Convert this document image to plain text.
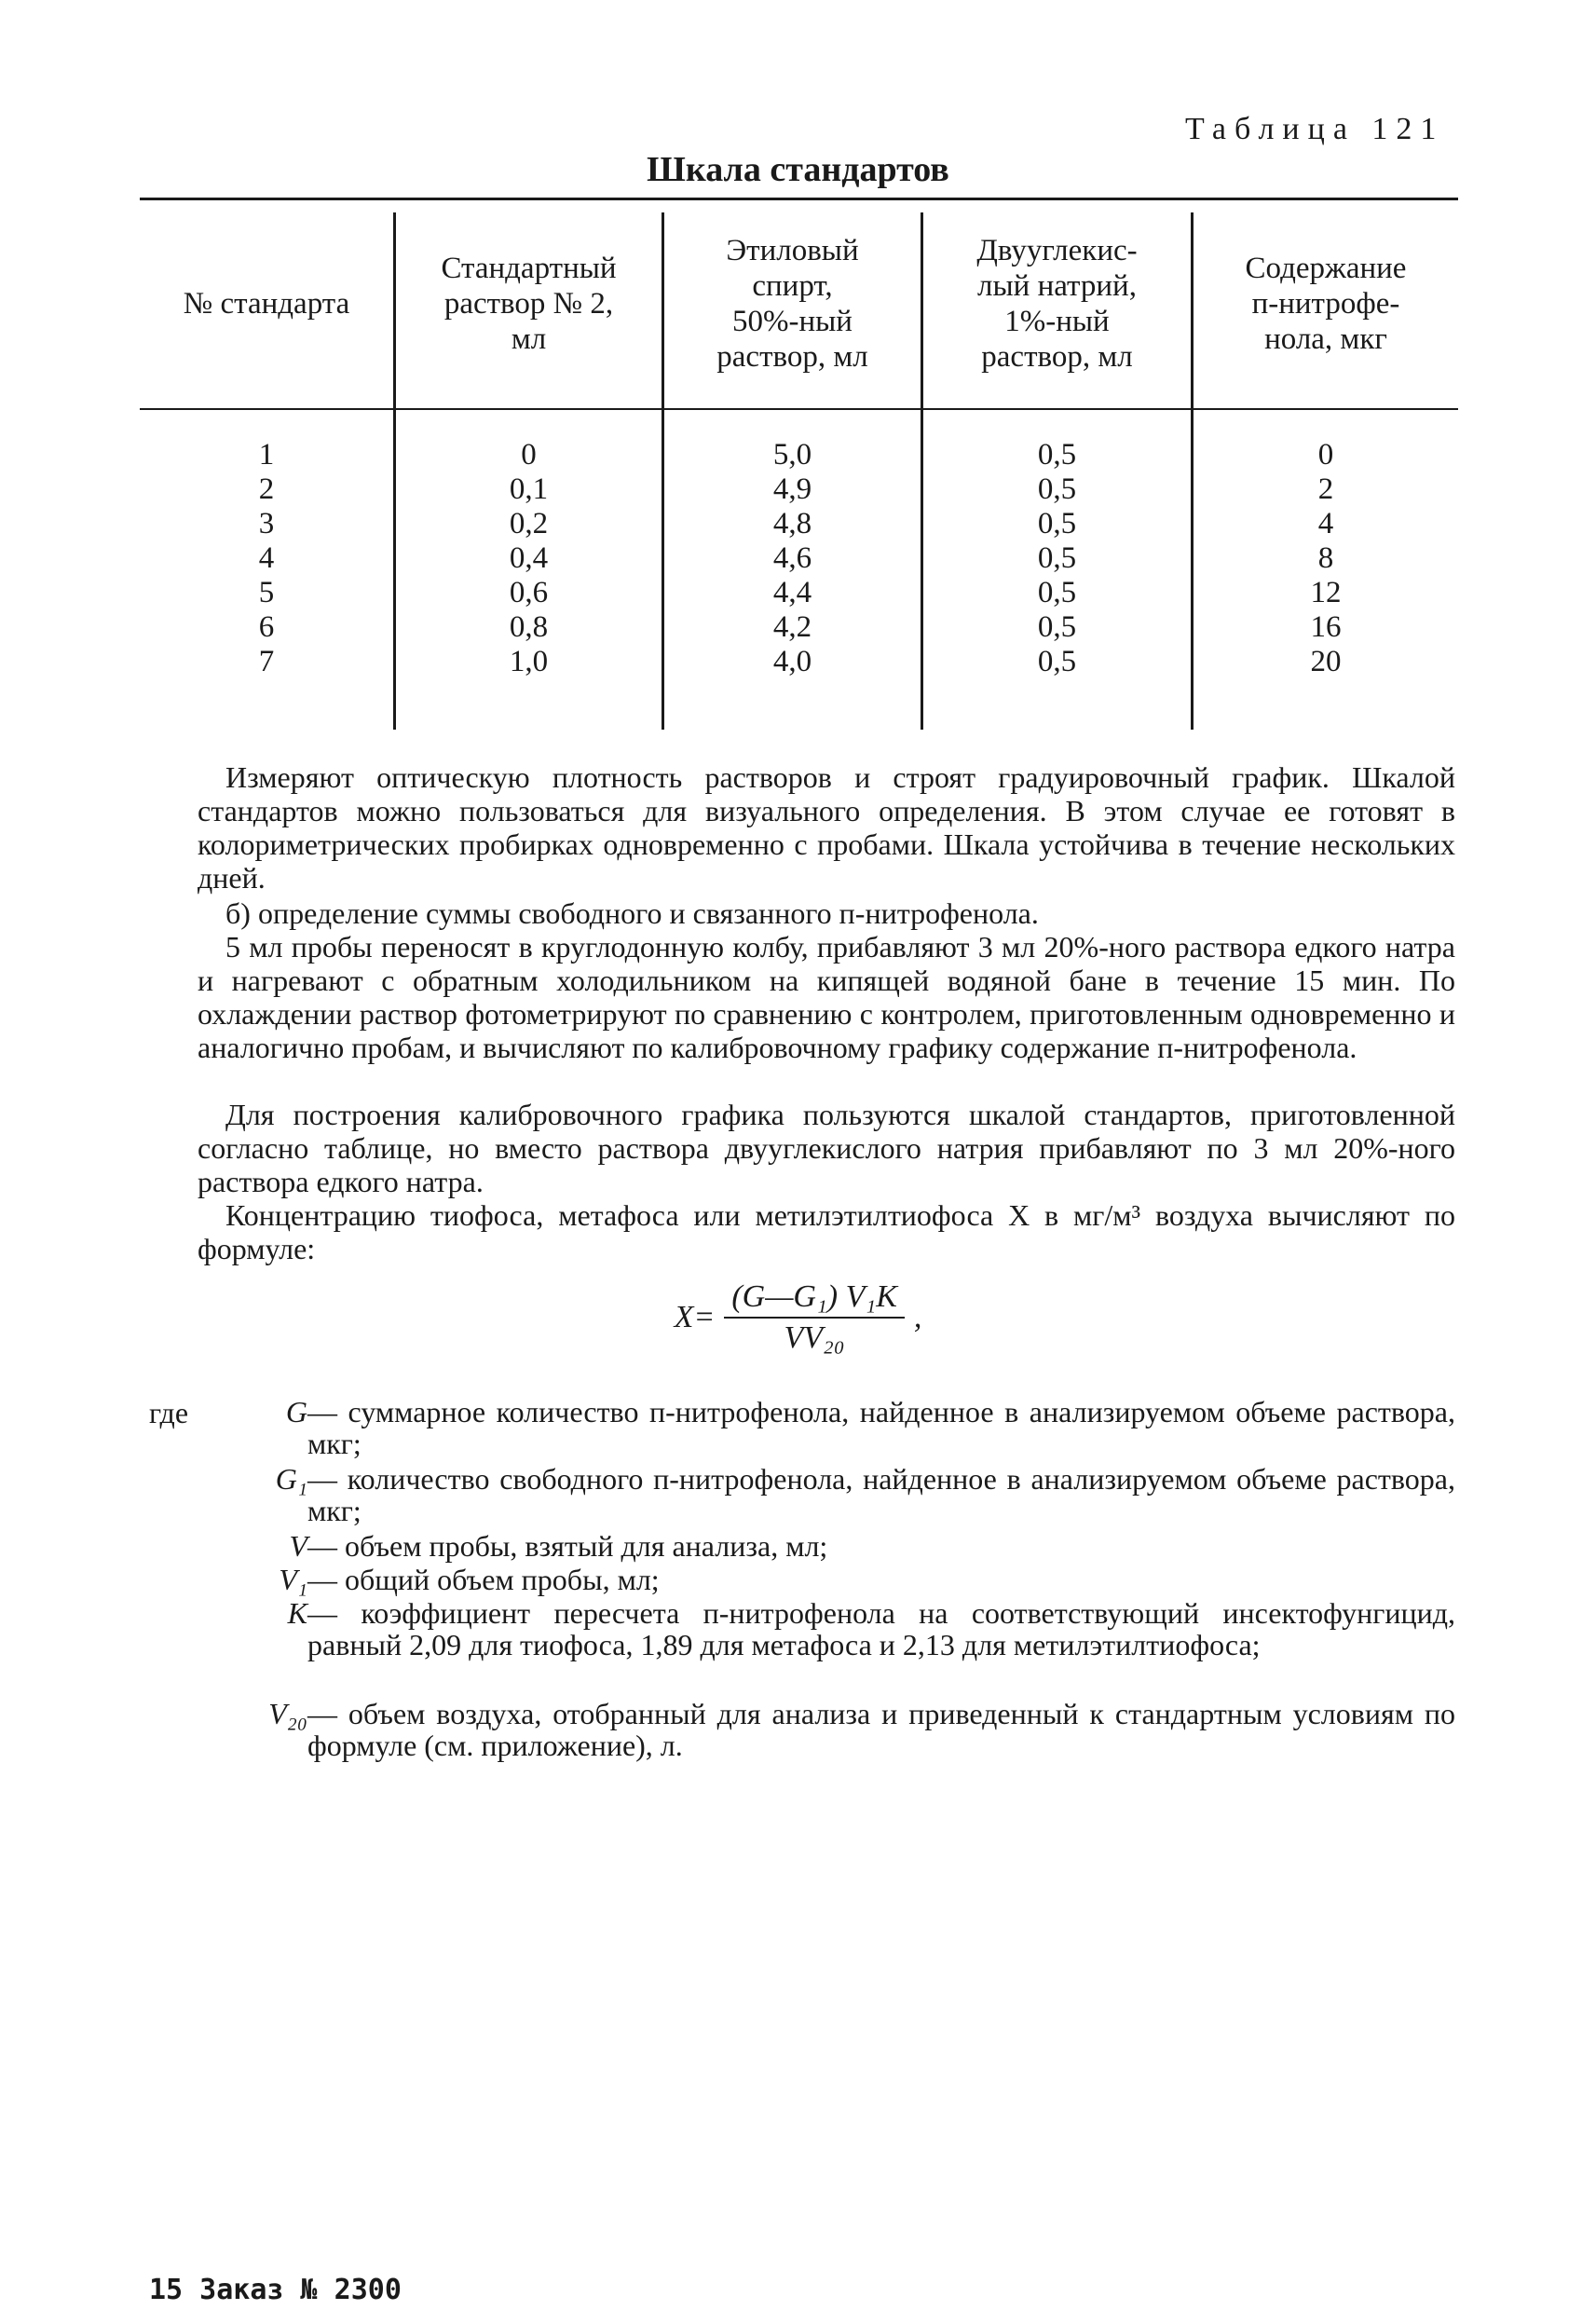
Таблица 121
Шкала стандартов
№ стандарта
Стандартный
раствор № 2,
мл
Этиловый
спирт,
50%-ный
раствор, мл
Двууглекис-
лый натрий,
1%-ный
раствор, мл
Содержание
п-нитрофе-
нола, мкг
1
2
3
4
5
6
7
0
0,1
0,2
0,4
0,6
0,8
1,0
5,0
4,9
4,8
4,6
4,4
4,2
4,0
0,5
0,5
0,5
0,5
0,5
0,5
0,5
0
2
4
8
12
16
20
Измеряют оптическую плотность растворов и строят градуировочный график. Шкалой стандартов можно пользоваться для визуального определения. В этом случае ее готовят в колориметрических пробирках одновременно с пробами. Шкала устойчива в течение нескольких дней.
б) определение суммы свободного и связанного п-нитрофенола.
5 мл пробы переносят в круглодонную колбу, прибавляют 3 мл 20%-ного раствора едкого натра и нагревают с обратным холодильником на кипящей водяной бане в течение 15 мин. По охлаждении раствор фотометрируют по сравнению с контролем, приготовленным одновременно и аналогично пробам, и вычисляют по калибровочному графику содержание п-нитрофенола.
Для построения калибровочного графика пользуются шкалой стандартов, приготовленной согласно таблице, но вместо раствора двууглекислого натрия прибавляют по 3 мл 20%-ного раствора едкого натра.
Концентрацию тиофоса, метафоса или метилэтилтиофоса X в мг/м³ воздуха вычисляют по формуле:
$X= \frac{\text{(G—G₁) V₁K}}{\text{VV₂₀}}$ ,
где	G — суммарное количество п-нитрофенола, найденное в анализируемом объеме раствора, мкг;
G₁ — количество свободного п-нитрофенола, найденное в анализируемом объеме раствора, мкг;
V — объем пробы, взятый для анализа, мл;
V₁ — общий объем пробы, мл;
K — коэффициент пересчета п-нитрофенола на соответствующий инсектофунгицид, равный 2,09 для тиофоса, 1,89 для метафоса и 2,13 для метилэтилтиофоса;
V₂₀ — объем воздуха, отобранный для анализа и приведенный к стандартным условиям по формуле (см. приложение), л.
15 Заказ № 2300
